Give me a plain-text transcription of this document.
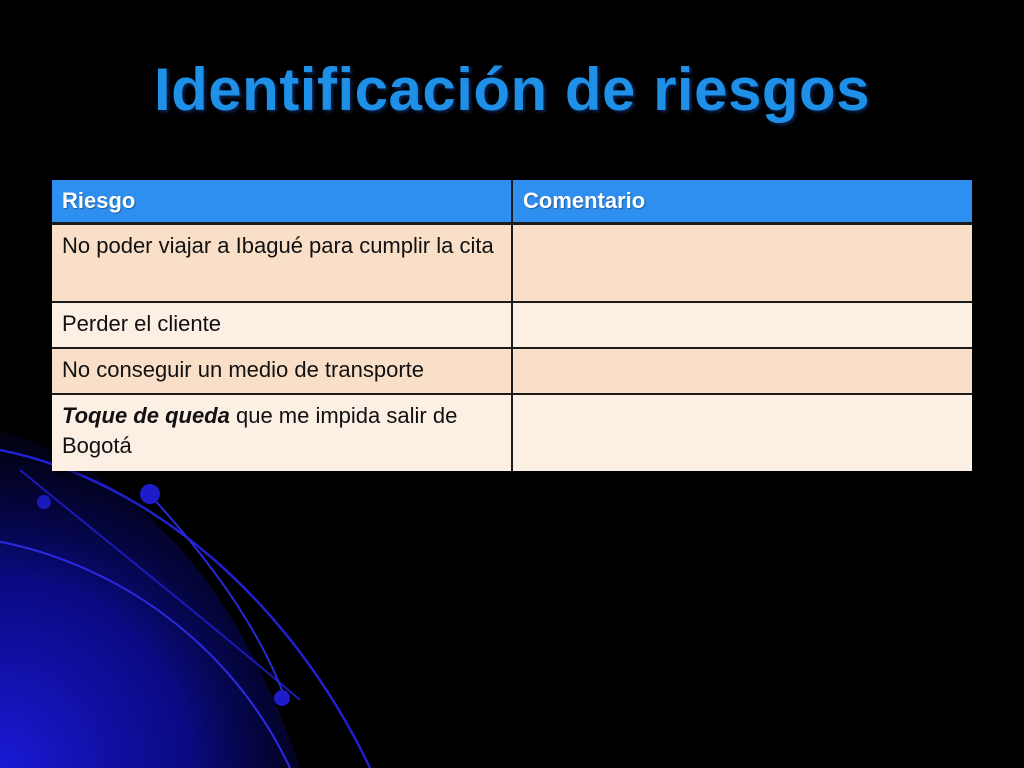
Identificación de riesgos
Riesgo	Comentario
No poder viajar a Ibagué para cumplir la cita	
Perder el cliente	
No conseguir un medio de transporte	
Toque de queda que me impida salir de Bogotá	
